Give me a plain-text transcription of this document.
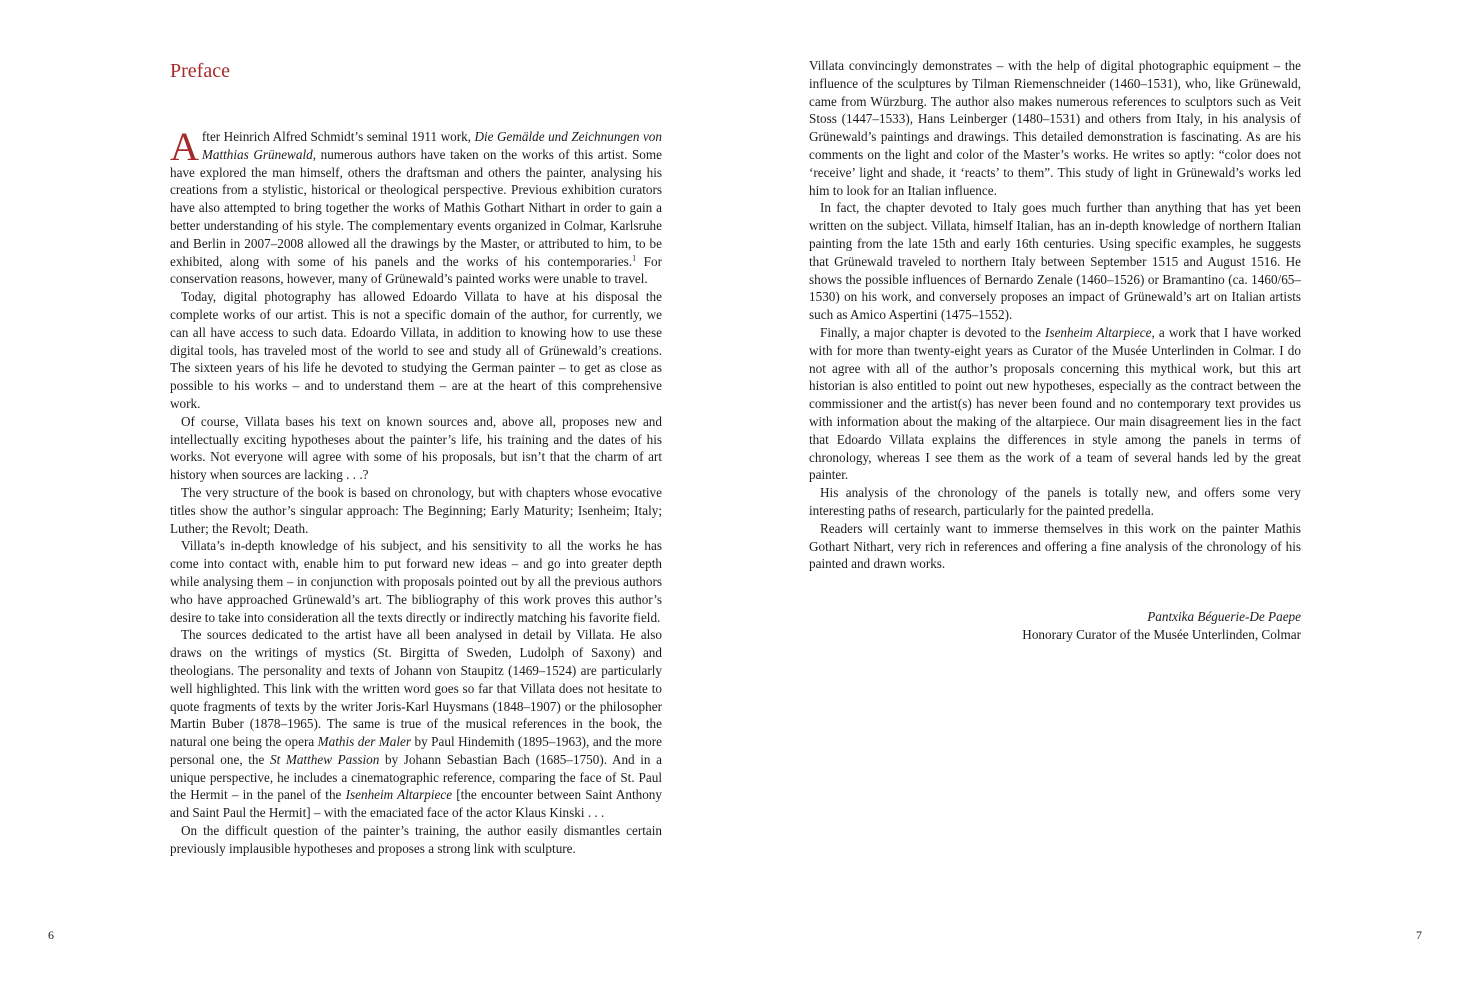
Preface

After Heinrich Alfred Schmidt’s seminal 1911 work, Die Gemälde und Zeichnungen von Matthias Grünewald, numerous authors have taken on the works of this artist. Some have explored the man himself, others the draftsman and others the painter, analysing his creations from a stylistic, historical or theological perspective. Previous exhibition curators have also attempted to bring together the works of Mathis Gothart Nithart in order to gain a better understanding of his style. The complementary events organized in Colmar, Karlsruhe and Berlin in 2007–2008 allowed all the drawings by the Master, or attributed to him, to be exhibited, along with some of his panels and the works of his contemporaries.$^1$ For conservation reasons, however, many of Grünewald’s painted works were unable to travel.

Today, digital photography has allowed Edoardo Villata to have at his disposal the complete works of our artist. This is not a specific domain of the author, for currently, we can all have access to such data. Edoardo Villata, in addition to knowing how to use these digital tools, has traveled most of the world to see and study all of Grünewald’s creations. The sixteen years of his life he devoted to studying the German painter – to get as close as possible to his works – and to understand them – are at the heart of this comprehensive work.

Of course, Villata bases his text on known sources and, above all, proposes new and intellectually exciting hypotheses about the painter’s life, his training and the dates of his works. Not everyone will agree with some of his proposals, but isn’t that the charm of art history when sources are lacking . . .?

The very structure of the book is based on chronology, but with chapters whose evocative titles show the author’s singular approach: The Beginning; Early Maturity; Isenheim; Italy; Luther; the Revolt; Death.

Villata’s in-depth knowledge of his subject, and his sensitivity to all the works he has come into contact with, enable him to put forward new ideas – and go into greater depth while analysing them – in conjunction with proposals pointed out by all the previous authors who have approached Grünewald’s art. The bibliography of this work proves this author’s desire to take into consideration all the texts directly or indirectly matching his favorite field.

The sources dedicated to the artist have all been analysed in detail by Villata. He also draws on the writings of mystics (St. Birgitta of Sweden, Ludolph of Saxony) and theologians. The personality and texts of Johann von Staupitz (1469–1524) are particularly well highlighted. This link with the written word goes so far that Villata does not hesitate to quote fragments of texts by the writer Joris-Karl Huysmans (1848–1907) or the philosopher Martin Buber (1878–1965). The same is true of the musical references in the book, the natural one being the opera Mathis der Maler by Paul Hindemith (1895–1963), and the more personal one, the St Matthew Passion by Johann Sebastian Bach (1685–1750). And in a unique perspective, he includes a cinematographic reference, comparing the face of St. Paul the Hermit – in the panel of the Isenheim Altarpiece [the encounter between Saint Anthony and Saint Paul the Hermit] – with the emaciated face of the actor Klaus Kinski . . .

On the difficult question of the painter’s training, the author easily dismantles certain previously implausible hypotheses and proposes a strong link with sculpture.

6

Villata convincingly demonstrates – with the help of digital photographic equipment – the influence of the sculptures by Tilman Riemenschneider (1460–1531), who, like Grünewald, came from Würzburg. The author also makes numerous references to sculptors such as Veit Stoss (1447–1533), Hans Leinberger (1480–1531) and others from Italy, in his analysis of Grünewald’s paintings and drawings. This detailed demonstration is fascinating. As are his comments on the light and color of the Master’s works. He writes so aptly: “color does not ‘receive’ light and shade, it ‘reacts’ to them”. This study of light in Grünewald’s works led him to look for an Italian influence.

In fact, the chapter devoted to Italy goes much further than anything that has yet been written on the subject. Villata, himself Italian, has an in-depth knowledge of northern Italian painting from the late 15th and early 16th centuries. Using specific examples, he suggests that Grünewald traveled to northern Italy between September 1515 and August 1516. He shows the possible influences of Bernardo Zenale (1460–1526) or Bramantino (ca. 1460/65–1530) on his work, and conversely proposes an impact of Grünewald’s art on Italian artists such as Amico Aspertini (1475–1552).

Finally, a major chapter is devoted to the Isenheim Altarpiece, a work that I have worked with for more than twenty-eight years as Curator of the Musée Unterlinden in Colmar. I do not agree with all of the author’s proposals concerning this mythical work, but this art historian is also entitled to point out new hypotheses, especially as the contract between the commissioner and the artist(s) has never been found and no contemporary text provides us with information about the making of the altarpiece. Our main disagreement lies in the fact that Edoardo Villata explains the differences in style among the panels in terms of chronology, whereas I see them as the work of a team of several hands led by the great painter.

His analysis of the chronology of the panels is totally new, and offers some very interesting paths of research, particularly for the painted predella.

Readers will certainly want to immerse themselves in this work on the painter Mathis Gothart Nithart, very rich in references and offering a fine analysis of the chronology of his painted and drawn works.

Pantxika Béguerie-De Paepe
Honorary Curator of the Musée Unterlinden, Colmar
7
